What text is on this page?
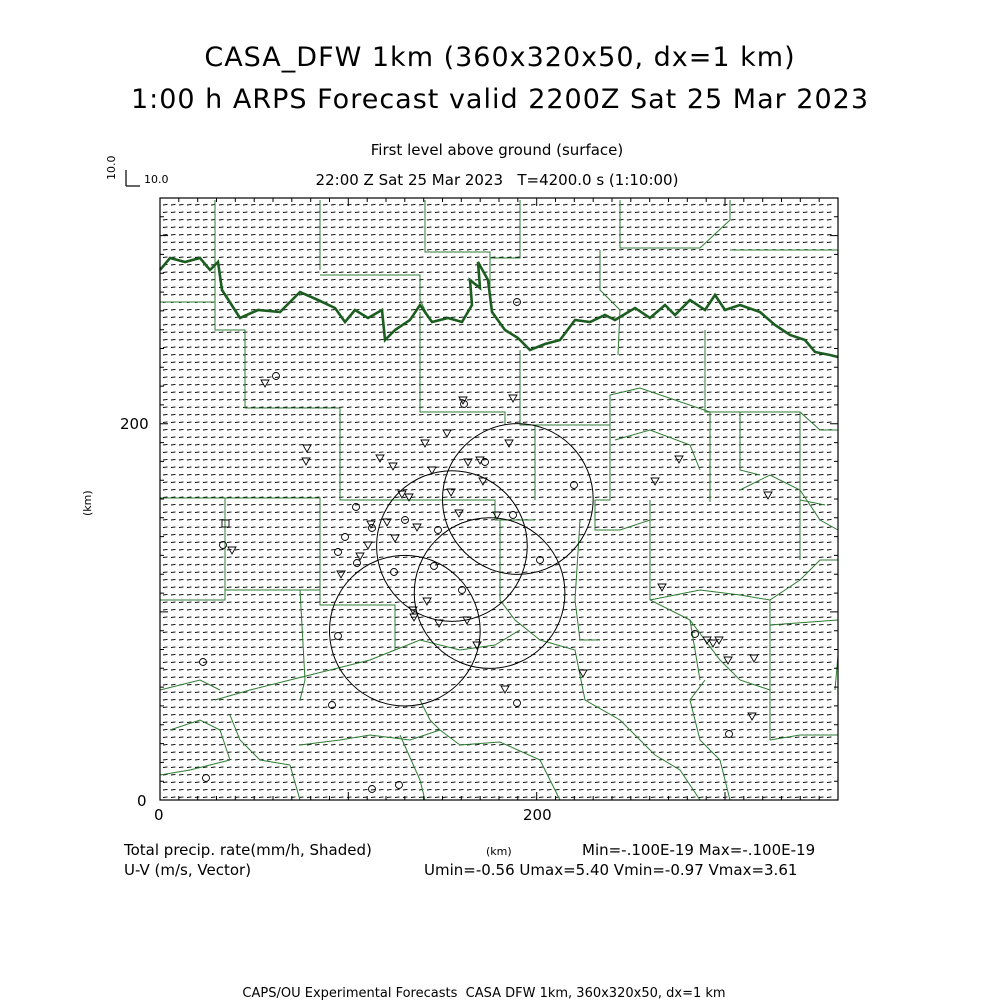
CASA_DFW 1km (360x320x50, dx=1 km)
1:00 h ARPS Forecast valid 2200Z Sat 25 Mar 2023
First level above ground (surface)
22:00 Z Sat 25 Mar 2023   T=4200.0 s (1:10:00)
10.0 10.0
200
0
0	200
(km)
(km)
Total precip. rate(mm/h, Shaded)
U-V (m/s, Vector)
Min=-.100E-19 Max=-.100E-19
Umin=-0.56 Umax=5.40 Vmin=-0.97 Vmax=3.61
CAPS/OU Experimental Forecasts  CASA DFW 1km, 360x320x50, dx=1 km
